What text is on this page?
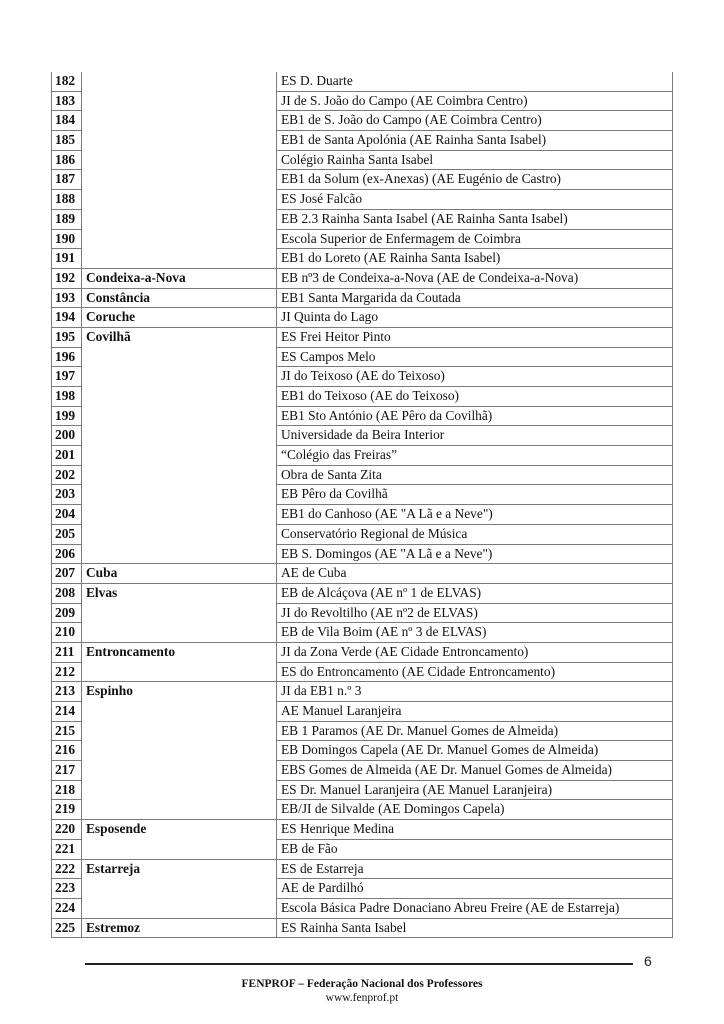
182		ES D. Duarte
183		JI de S. João do Campo (AE Coimbra Centro)
184		EB1 de S. João do Campo (AE Coimbra Centro)
185		EB1 de Santa Apolónia (AE Rainha Santa Isabel)
186		Colégio Rainha Santa Isabel
187		EB1 da Solum (ex-Anexas) (AE Eugénio de Castro)
188		ES José Falcão
189		EB 2.3 Rainha Santa Isabel (AE Rainha Santa Isabel)
190		Escola Superior de Enfermagem de Coimbra
191		EB1 do Loreto (AE Rainha Santa Isabel)
192	Condeixa-a-Nova	EB nº3 de Condeixa-a-Nova (AE de Condeixa-a-Nova)
193	Constância	EB1 Santa Margarida da Coutada
194	Coruche	JI Quinta do Lago
195	Covilhã	ES Frei Heitor Pinto
196		ES Campos Melo
197		JI do Teixoso (AE do Teixoso)
198		EB1 do Teixoso (AE do Teixoso)
199		EB1 Sto António (AE Pêro da Covilhã)
200		Universidade da Beira Interior
201		“Colégio das Freiras”
202		Obra de Santa Zita
203		EB Pêro da Covilhã
204		EB1 do Canhoso (AE "A Lã e a Neve")
205		Conservatório Regional de Música
206		EB S. Domingos (AE "A Lã e a Neve")
207	Cuba	AE de Cuba
208	Elvas	EB de Alcáçova (AE nº 1 de ELVAS)
209		JI do Revoltilho (AE nº2 de ELVAS)
210		EB de Vila Boim (AE nº 3 de ELVAS)
211	Entroncamento	JI da Zona Verde (AE Cidade Entroncamento)
212		ES do Entroncamento (AE Cidade Entroncamento)
213	Espinho	JI da EB1 n.º 3
214		AE Manuel Laranjeira
215		EB 1 Paramos (AE Dr. Manuel Gomes de Almeida)
216		EB Domingos Capela (AE Dr. Manuel Gomes de Almeida)
217		EBS Gomes de Almeida (AE Dr. Manuel Gomes de Almeida)
218		ES Dr. Manuel Laranjeira (AE Manuel Laranjeira)
219		EB/JI de Silvalde (AE Domingos Capela)
220	Esposende	ES Henrique Medina
221		EB de Fão
222	Estarreja	ES de Estarreja
223		AE de Pardilhó
224		Escola Básica Padre Donaciano Abreu Freire (AE de Estarreja)
225	Estremoz	ES Rainha Santa Isabel
6
FENPROF – Federação Nacional dos Professores
www.fenprof.pt
